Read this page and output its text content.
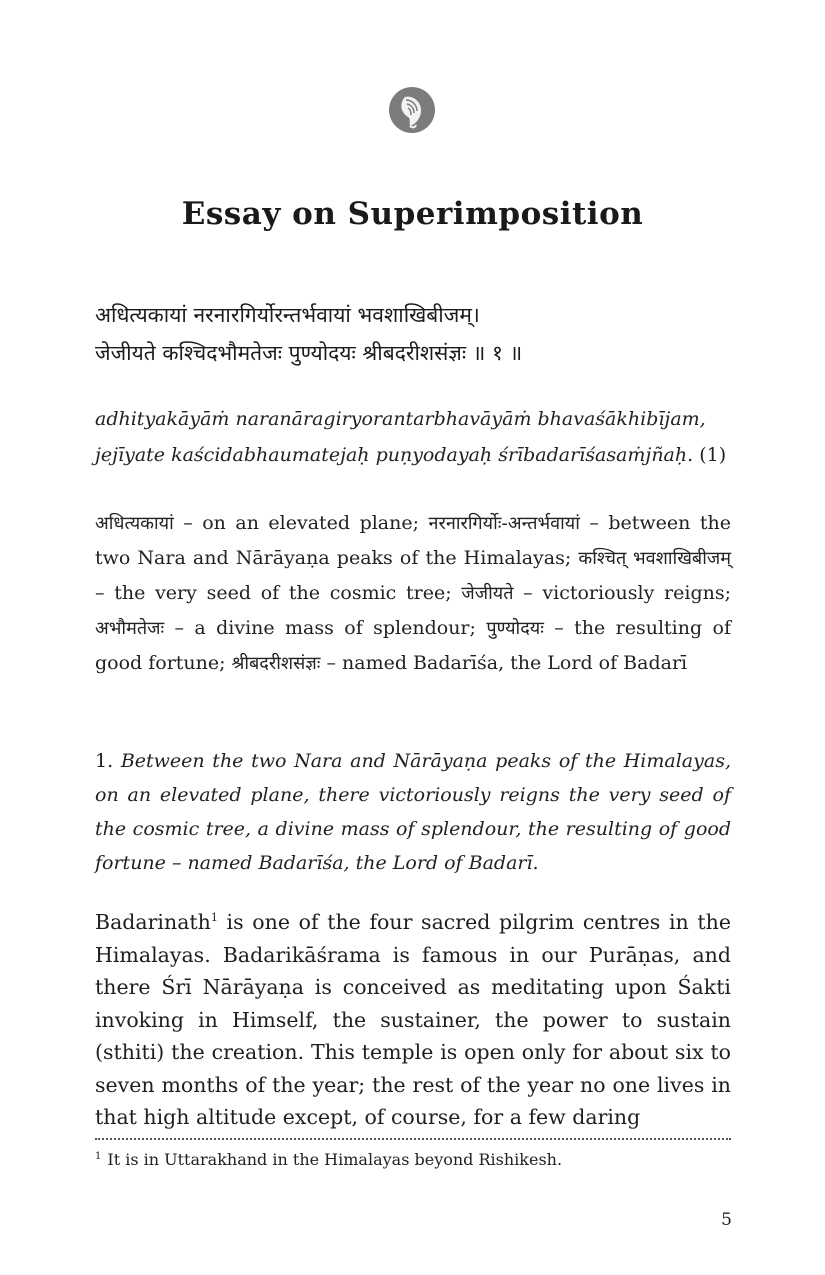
Essay on Superimposition
अधित्यकायां नरनारगिर्योरन्तर्भवायां भवशाखिबीजम्।
जेजीयते कश्चिदभौमतेजः पुण्योदयः श्रीबदरीशसंज्ञः ॥ १ ॥
adhityakāyāṁ naranāragiryorantarbhavāyāṁ bhavaśākhibījam,
jejīyate kaścidabhaumatejaḥ puṇyodayaḥ śrībadarīśasaṁjñaḥ. (1)
अधित्यकायां – on an elevated plane; नरनारगिर्योः-अन्तर्भवायां – between the two Nara and Nārāyaṇa peaks of the Himalayas; कश्चित् भवशाखिबीजम् – the very seed of the cosmic tree; जेजीयते – victoriously reigns; अभौमतेजः – a divine mass of splendour; पुण्योदयः – the resulting of good fortune; श्रीबदरीशसंज्ञः – named Badarīśa, the Lord of Badarī
1. Between the two Nara and Nārāyaṇa peaks of the Himalayas, on an elevated plane, there victoriously reigns the very seed of the cosmic tree, a divine mass of splendour, the resulting of good fortune – named Badarīśa, the Lord of Badarī.
Badarinath$^1$ is one of the four sacred pilgrim centres in the Himalayas. Badarikāśrama is famous in our Purāṇas, and there Śrī Nārāyaṇa is conceived as meditating upon Śakti invoking in Himself, the sustainer, the power to sustain (sthiti) the creation. This temple is open only for about six to seven months of the year; the rest of the year no one lives in that high altitude except, of course, for a few daring
$^1$ It is in Uttarakhand in the Himalayas beyond Rishikesh.
5
